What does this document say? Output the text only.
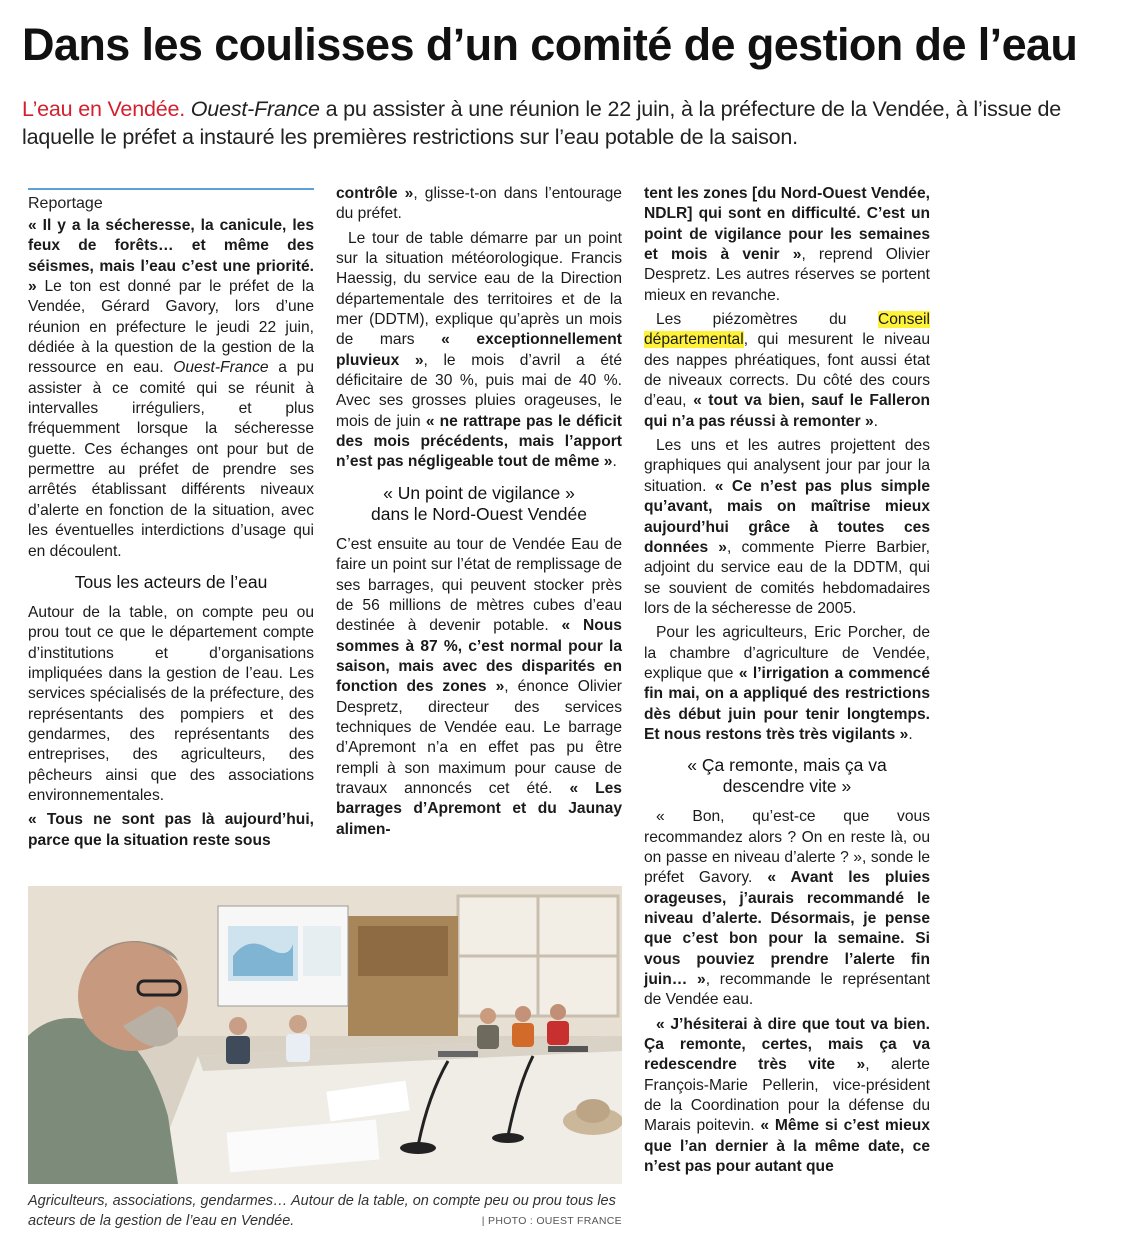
Dans les coulisses d’un comité de gestion de l’eau

L’eau en Vendée. Ouest-France a pu assister à une réunion le 22 juin, à la préfecture de la Vendée, à l’issue de laquelle le préfet a instauré les premières restrictions sur l’eau potable de la saison.

Reportage

« Il y a la sécheresse, la canicule, les feux de forêts… et même des séismes, mais l’eau c’est une priorité. » Le ton est donné par le préfet de la Vendée, Gérard Gavory, lors d’une réunion en préfecture le jeudi 22 juin, dédiée à la question de la gestion de la ressource en eau. Ouest-France a pu assister à ce comité qui se réunit à intervalles irréguliers, et plus fréquemment lorsque la sécheresse guette. Ces échanges ont pour but de permettre au préfet de prendre ses arrêtés établissant différents niveaux d’alerte en fonction de la situation, avec les éventuelles interdictions d’usage qui en découlent.

Tous les acteurs de l’eau

Autour de la table, on compte peu ou prou tout ce que le département compte d’institutions et d’organisations impliquées dans la gestion de l’eau. Les services spécialisés de la préfecture, des représentants des pompiers et des gendarmes, des représentants des entreprises, des agriculteurs, des pêcheurs ainsi que des associations environnementales.

« Tous ne sont pas là aujourd’hui, parce que la situation reste sous

contrôle », glisse-t-on dans l’entourage du préfet.

Le tour de table démarre par un point sur la situation météorologique. Francis Haessig, du service eau de la Direction départementale des territoires et de la mer (DDTM), explique qu’après un mois de mars « exceptionnellement pluvieux », le mois d’avril a été déficitaire de 30 %, puis mai de 40 %. Avec ses grosses pluies orageuses, le mois de juin « ne rattrape pas le déficit des mois précédents, mais l’apport n’est pas négligeable tout de même ».

« Un point de vigilance »
dans le Nord-Ouest Vendée

C’est ensuite au tour de Vendée Eau de faire un point sur l’état de remplissage de ses barrages, qui peuvent stocker près de 56 millions de mètres cubes d’eau destinée à devenir potable. « Nous sommes à 87 %, c’est normal pour la saison, mais avec des disparités en fonction des zones », énonce Olivier Despretz, directeur des services techniques de Vendée eau. Le barrage d’Apremont n’a en effet pas pu être rempli à son maximum pour cause de travaux annoncés cet été. « Les barrages d’Apremont et du Jaunay alimen-

tent les zones [du Nord-Ouest Vendée, NDLR] qui sont en difficulté. C’est un point de vigilance pour les semaines et mois à venir », reprend Olivier Despretz. Les autres réserves se portent mieux en revanche.

Les piézomètres du Conseil départemental, qui mesurent le niveau des nappes phréatiques, font aussi état de niveaux corrects. Du côté des cours d’eau, « tout va bien, sauf le Falleron qui n’a pas réussi à remonter ».

Les uns et les autres projettent des graphiques qui analysent jour par jour la situation. « Ce n’est pas plus simple qu’avant, mais on maîtrise mieux aujourd’hui grâce à toutes ces données », commente Pierre Barbier, adjoint du service eau de la DDTM, qui se souvient de comités hebdomadaires lors de la sécheresse de 2005.

Pour les agriculteurs, Eric Porcher, de la chambre d’agriculture de Vendée, explique que « l’irrigation a commencé fin mai, on a appliqué des restrictions dès début juin pour tenir longtemps. Et nous restons très très vigilants ».

« Ça remonte, mais ça va
descendre vite »

« Bon, qu’est-ce que vous recommandez alors ? On en reste là, ou on passe en niveau d’alerte ? », sonde le préfet Gavory. « Avant les pluies orageuses, j’aurais recommandé le niveau d’alerte. Désormais, je pense que c’est bon pour la semaine. Si vous pouviez prendre l’alerte fin juin… », recommande le représentant de Vendée eau.

« J’hésiterai à dire que tout va bien. Ça remonte, certes, mais ça va redescendre très vite », alerte François-Marie Pellerin, vice-président de la Coordination pour la défense du Marais poitevin. « Même si c’est mieux que l’an dernier à la même date, ce n’est pas pour autant que

Agriculteurs, associations, gendarmes… Autour de la table, on compte peu ou prou tous les acteurs de la gestion de l’eau en Vendée.	| PHOTO : OUEST FRANCE
